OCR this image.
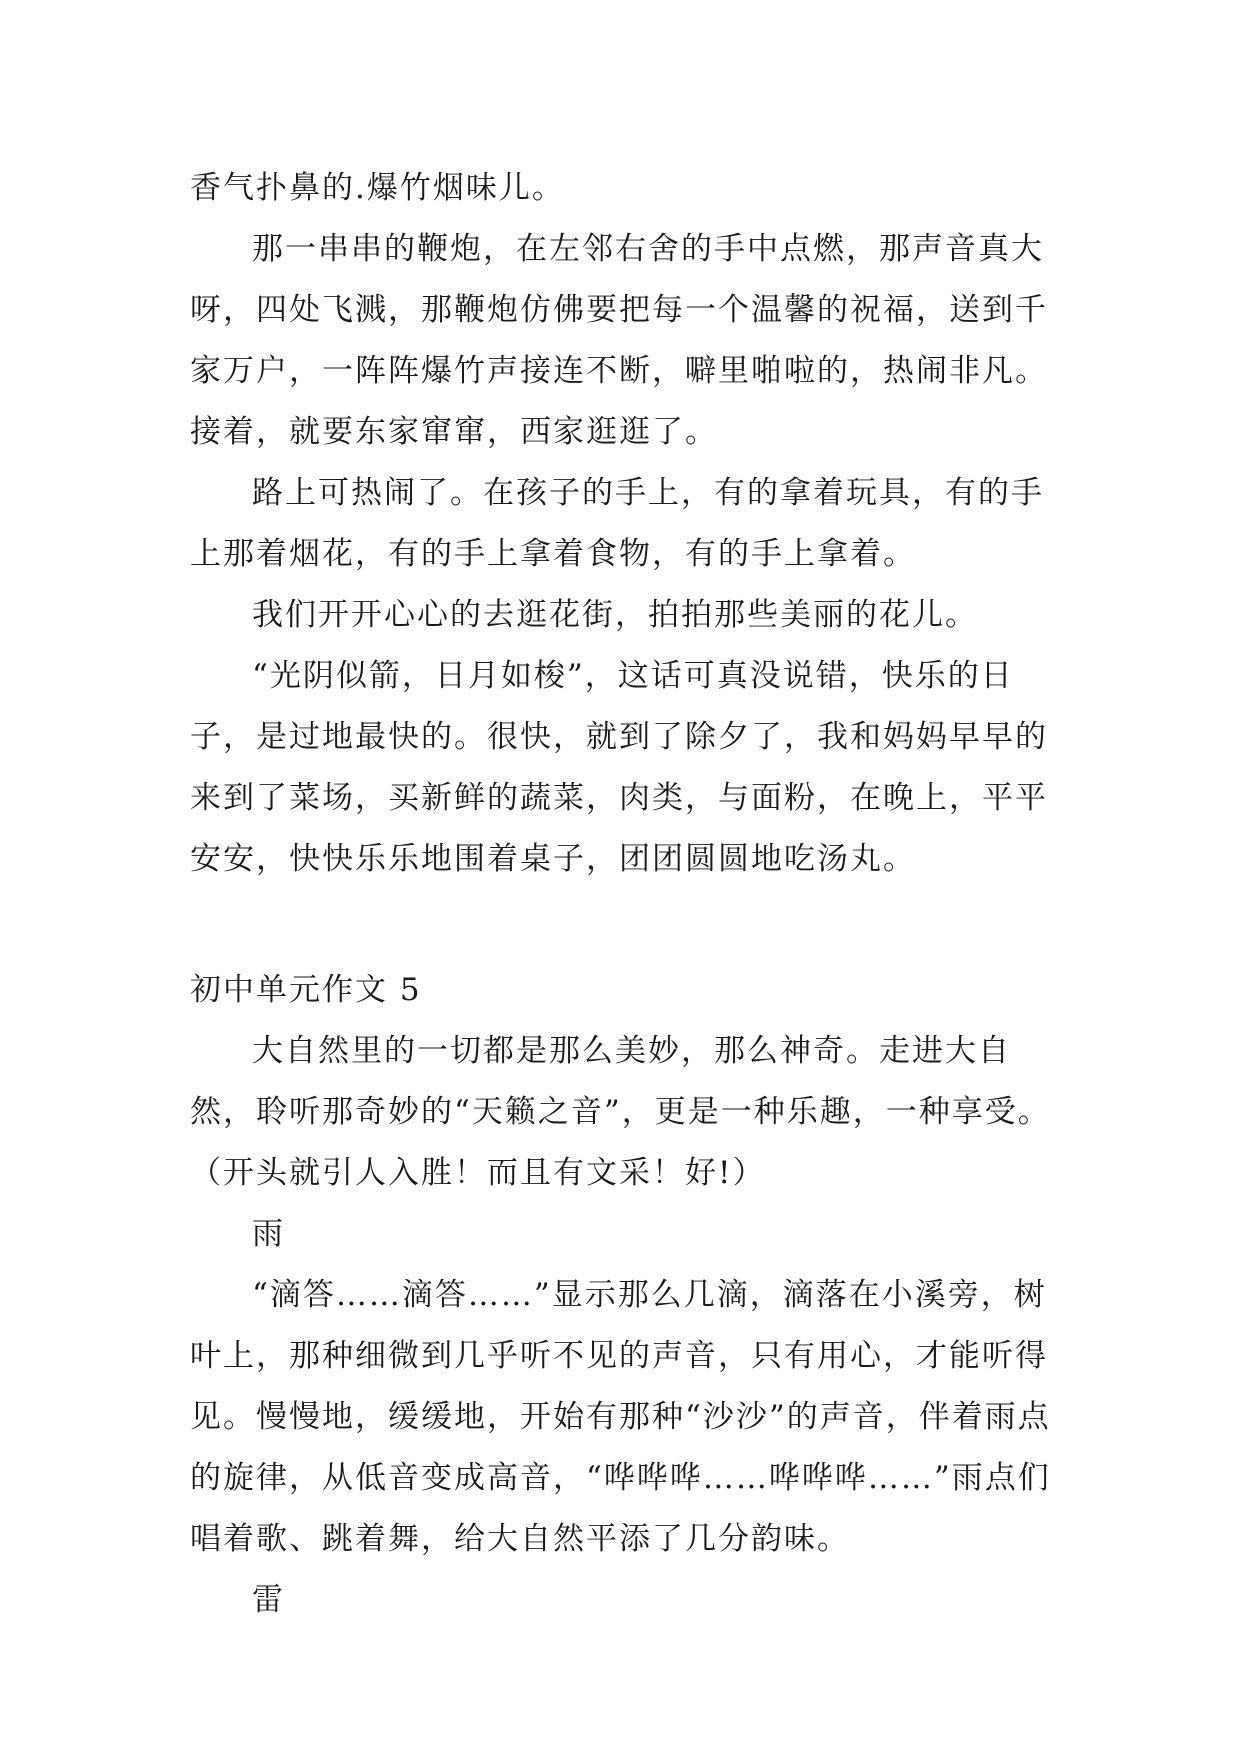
香气扑鼻的.爆竹烟味儿。

那一串串的鞭炮，在左邻右舍的手中点燃，那声音真大呀，四处飞溅，那鞭炮仿佛要把每一个温馨的祝福，送到千家万户，一阵阵爆竹声接连不断，噼里啪啦的，热闹非凡。接着，就要东家窜窜，西家逛逛了。

路上可热闹了。在孩子的手上，有的拿着玩具，有的手上那着烟花，有的手上拿着食物，有的手上拿着。

我们开开心心的去逛花街，拍拍那些美丽的花儿。

“光阴似箭，日月如梭”，这话可真没说错，快乐的日子，是过地最快的。很快，就到了除夕了，我和妈妈早早的来到了菜场，买新鲜的蔬菜，肉类，与面粉，在晚上，平平安安，快快乐乐地围着桌子，团团圆圆地吃汤丸。

初中单元作文 5

大自然里的一切都是那么美妙，那么神奇。走进大自然，聆听那奇妙的“天籁之音”，更是一种乐趣，一种享受。（开头就引人入胜！而且有文采！好!）

雨

“滴答……滴答……”显示那么几滴，滴落在小溪旁，树叶上，那种细微到几乎听不见的声音，只有用心，才能听得见。慢慢地，缓缓地，开始有那种“沙沙”的声音，伴着雨点的旋律，从低音变成高音，“哗哗哗……哗哗哗……”雨点们唱着歌、跳着舞，给大自然平添了几分韵味。

雷
